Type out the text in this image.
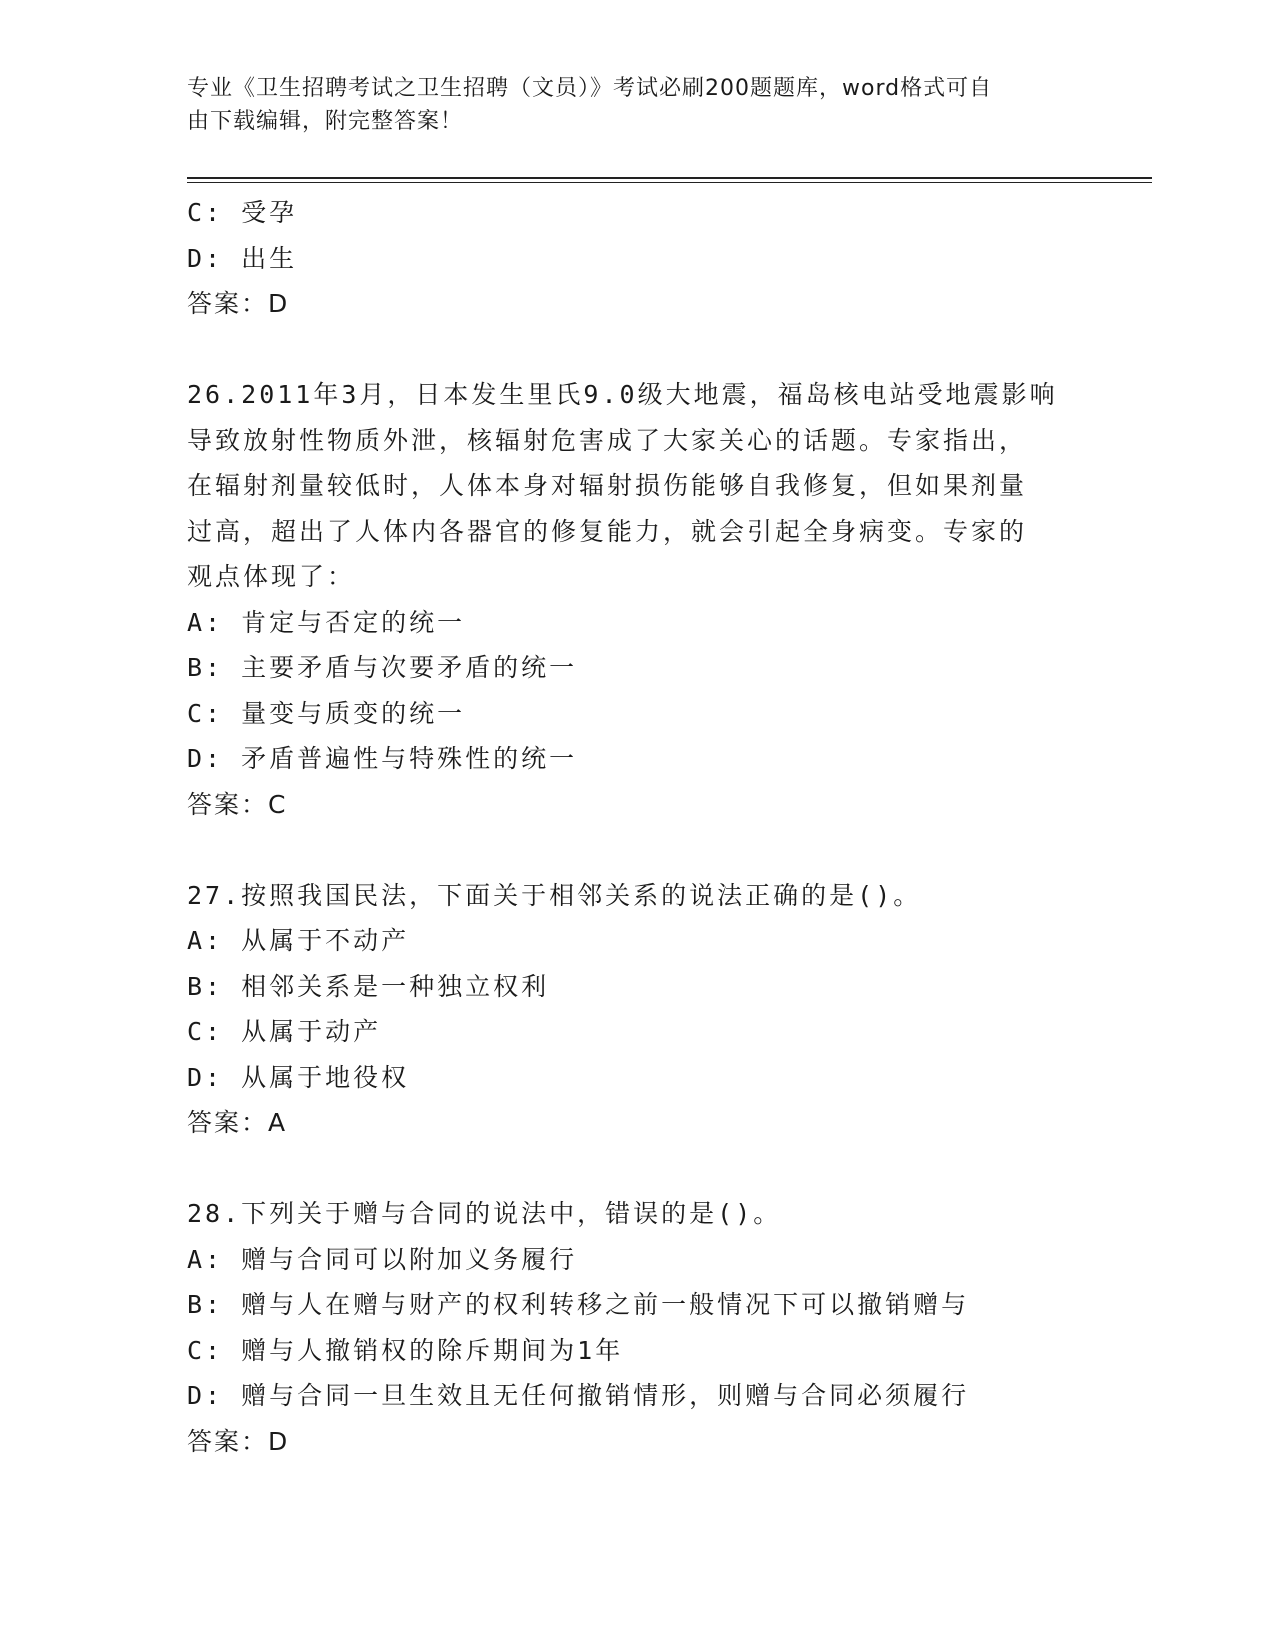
专业《卫生招聘考试之卫生招聘（文员）》考试必刷200题题库，word格式可自
由下载编辑，附完整答案！
C: 受孕
D: 出生
答案：D
26.2011年3月，日本发生里氏9.0级大地震，福岛核电站受地震影响
导致放射性物质外泄，核辐射危害成了大家关心的话题。专家指出，
在辐射剂量较低时，人体本身对辐射损伤能够自我修复，但如果剂量
过高，超出了人体内各器官的修复能力，就会引起全身病变。专家的
观点体现了：
A: 肯定与否定的统一
B: 主要矛盾与次要矛盾的统一
C: 量变与质变的统一
D: 矛盾普遍性与特殊性的统一
答案：C
27.按照我国民法，下面关于相邻关系的说法正确的是()。
A: 从属于不动产
B: 相邻关系是一种独立权利
C: 从属于动产
D: 从属于地役权
答案：A
28.下列关于赠与合同的说法中，错误的是()。
A: 赠与合同可以附加义务履行
B: 赠与人在赠与财产的权利转移之前一般情况下可以撤销赠与
C: 赠与人撤销权的除斥期间为1年
D: 赠与合同一旦生效且无任何撤销情形，则赠与合同必须履行
答案：D
